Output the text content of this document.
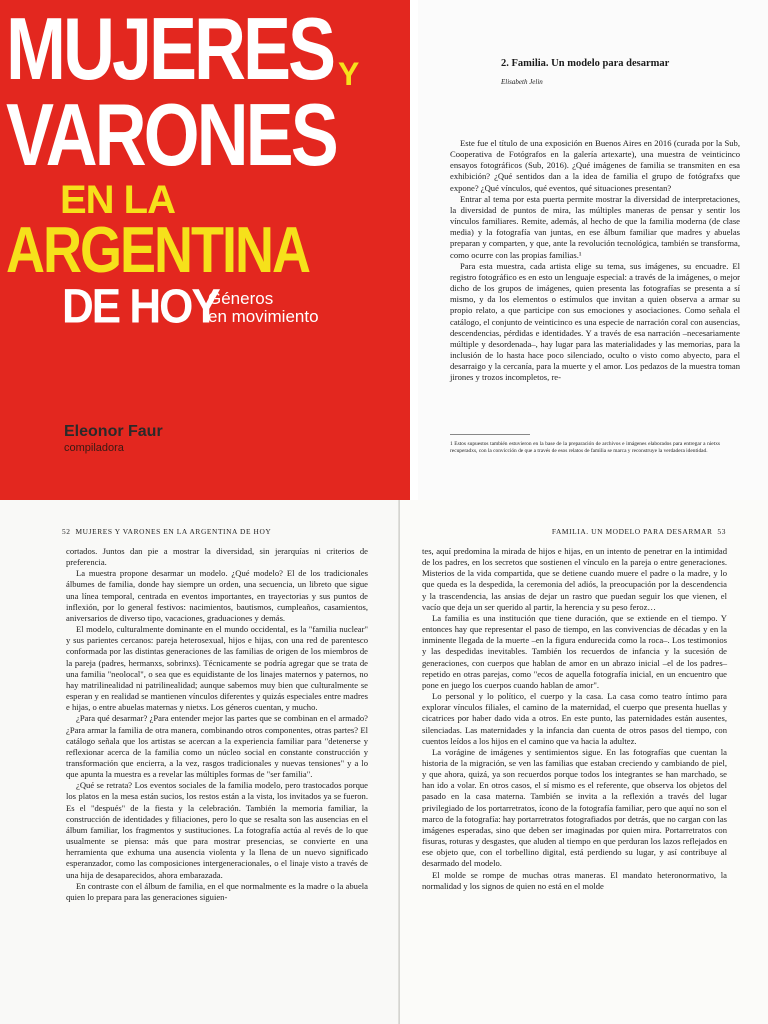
MUJERES Y

VARONES

EN LA

ARGENTINA

DE HOY

Géneros
en movimiento

Eleonor Faur

compiladora

2. Familia. Un modelo para desarmar

Elisabeth Jelin

Este fue el título de una exposición en Buenos Aires en 2016 (curada por la Sub, Cooperativa de Fotógrafos en la galería artexarte), una muestra de veinticinco ensayos fotográficos (Sub, 2016). ¿Qué imágenes de familia se transmiten en esa exhibición? ¿Qué sentidos dan a la idea de familia el grupo de fotógrafxs que expone? ¿Qué vínculos, qué eventos, qué situaciones presentan?

Entrar al tema por esta puerta permite mostrar la diversidad de interpretaciones, la diversidad de puntos de mira, las múltiples maneras de pensar y sentir los vínculos familiares. Remite, además, al hecho de que la familia moderna (de clase media) y la fotografía van juntas, en ese álbum familiar que madres y abuelas preparan y comparten, y que, ante la revolución tecnológica, también se transforma, como ocurre con las propias familias.¹

Para esta muestra, cada artista elige su tema, sus imágenes, su encuadre. El registro fotográfico es en esto un lenguaje especial: a través de la imágenes, o mejor dicho de los grupos de imágenes, quien presenta las fotografías se presenta a sí mismo, y da los elementos o estímulos que invitan a quien observa a armar su propio relato, a que participe con sus emociones y asociaciones. Como señala el catálogo, el conjunto de veinticinco es una especie de narración coral con ausencias, descendencias, pérdidas e identidades. Y a través de esa narración –necesariamente múltiple y desordenada–, hay lugar para las materialidades y las memorias, para la inclusión de lo hasta hace poco silenciado, oculto o visto como abyecto, para el desarraigo y la cercanía, para la muerte y el amor. Los pedazos de la muestra toman jirones y trozos incompletos, re-

1 Estos supuestos también estuvieron en la base de la preparación de archivos e imágenes elaborados para entregar a nietxs recuperadxs, con la convicción de que a través de esos relatos de familia se marca y reconstruye la verdadera identidad.

52 MUJERES Y VARONES EN LA ARGENTINA DE HOY

cortados. Juntos dan pie a mostrar la diversidad, sin jerarquías ni criterios de preferencia.

La muestra propone desarmar un modelo. ¿Qué modelo? El de los tradicionales álbumes de familia, donde hay siempre un orden, una secuencia, un libreto que sigue una línea temporal, centrada en eventos importantes, en trayectorias y sus puntos de inflexión, por lo general festivos: nacimientos, bautismos, cumpleaños, casamientos, aniversarios de diverso tipo, vacaciones, graduaciones y demás.

El modelo, culturalmente dominante en el mundo occidental, es la "familia nuclear" y sus parientes cercanos: pareja heterosexual, hijos e hijas, con una red de parentesco conformada por las distintas generaciones de las familias de origen de los miembros de la pareja (padres, hermanxs, sobrinxs). Técnicamente se podría agregar que se trata de una familia "neolocal", o sea que es equidistante de los linajes maternos y paternos, no hay matrilinealidad ni patrilinealidad; aunque sabemos muy bien que culturalmente se esperan y en realidad se mantienen vínculos diferentes y quizás especiales entre madres e hijas, o entre abuelas maternas y nietxs. Los géneros cuentan, y mucho.

¿Para qué desarmar? ¿Para entender mejor las partes que se combinan en el armado? ¿Para armar la familia de otra manera, combinando otros componentes, otras partes? El catálogo señala que los artistas se acercan a la experiencia familiar para "detenerse y reflexionar acerca de la familia como un núcleo social en constante construcción y transformación que encierra, a la vez, rasgos tradicionales y nuevas tensiones" y a lo que apunta la muestra es a revelar las múltiples formas de "ser familia".

¿Qué se retrata? Los eventos sociales de la familia modelo, pero trastocados porque los platos en la mesa están sucios, los restos están a la vista, los invitados ya se fueron. Es el "después" de la fiesta y la celebración. También la memoria familiar, la construcción de identidades y filiaciones, pero lo que se resalta son las ausencias en el álbum familiar, los fragmentos y sustituciones. La fotografía actúa al revés de lo que usualmente se piensa: más que para mostrar presencias, se convierte en una herramienta que exhuma una ausencia violenta y la llena de un nuevo significado esperanzador, como las composiciones intergeneracionales, o el linaje visto a través de una hija de desaparecidos, ahora embarazada.

En contraste con el álbum de familia, en el que normalmente es la madre o la abuela quien lo prepara para las generaciones siguien-

FAMILIA. UN MODELO PARA DESARMAR 53

tes, aquí predomina la mirada de hijos e hijas, en un intento de penetrar en la intimidad de los padres, en los secretos que sostienen el vínculo en la pareja o entre generaciones. Misterios de la vida compartida, que se detiene cuando muere el padre o la madre, y lo que queda es la despedida, la ceremonia del adiós, la preocupación por la descendencia y la trascendencia, las ansias de dejar un rastro que puedan seguir los que vienen, el vacío que deja un ser querido al partir, la herencia y su peso feroz…

La familia es una institución que tiene duración, que se extiende en el tiempo. Y entonces hay que representar el paso de tiempo, en las convivencias de décadas y en la inminente llegada de la muerte –en la figura endurecida como la roca–. Los testimonios y las despedidas inevitables. También los recuerdos de infancia y la sucesión de generaciones, con cuerpos que hablan de amor en un abrazo inicial –el de los padres– repetido en otras parejas, como "ecos de aquella fotografía inicial, en un encuentro que pone en juego los cuerpos cuando hablan de amor".

Lo personal y lo político, el cuerpo y la casa. La casa como teatro íntimo para explorar vínculos filiales, el camino de la maternidad, el cuerpo que presenta huellas y cicatrices por haber dado vida a otros. En este punto, las paternidades están ausentes, silenciadas. Las maternidades y la infancia dan cuenta de otros pasos del tiempo, con cuentos leídos a los hijos en el camino que va hacia la adultez.

La vorágine de imágenes y sentimientos sigue. En las fotografías que cuentan la historia de la migración, se ven las familias que estaban creciendo y cambiando de piel, y que ahora, quizá, ya son recuerdos porque todos los integrantes se han marchado, se han ido a volar. En otros casos, el sí mismo es el referente, que observa los objetos del pasado en la casa materna. También se invita a la reflexión a través del lugar privilegiado de los portarretratos, ícono de la fotografía familiar, pero que aquí no son el marco de la fotografía: hay portarretratos fotografiados por detrás, que no cargan con las imágenes esperadas, sino que deben ser imaginadas por quien mira. Portarretratos con fisuras, roturas y desgastes, que aluden al tiempo en que perduran los lazos reflejados en ese objeto que, con el torbellino digital, está perdiendo su lugar, y así contribuye al desarmado del modelo.

El molde se rompe de muchas otras maneras. El mandato heteronormativo, la normalidad y los signos de quien no está en el molde
